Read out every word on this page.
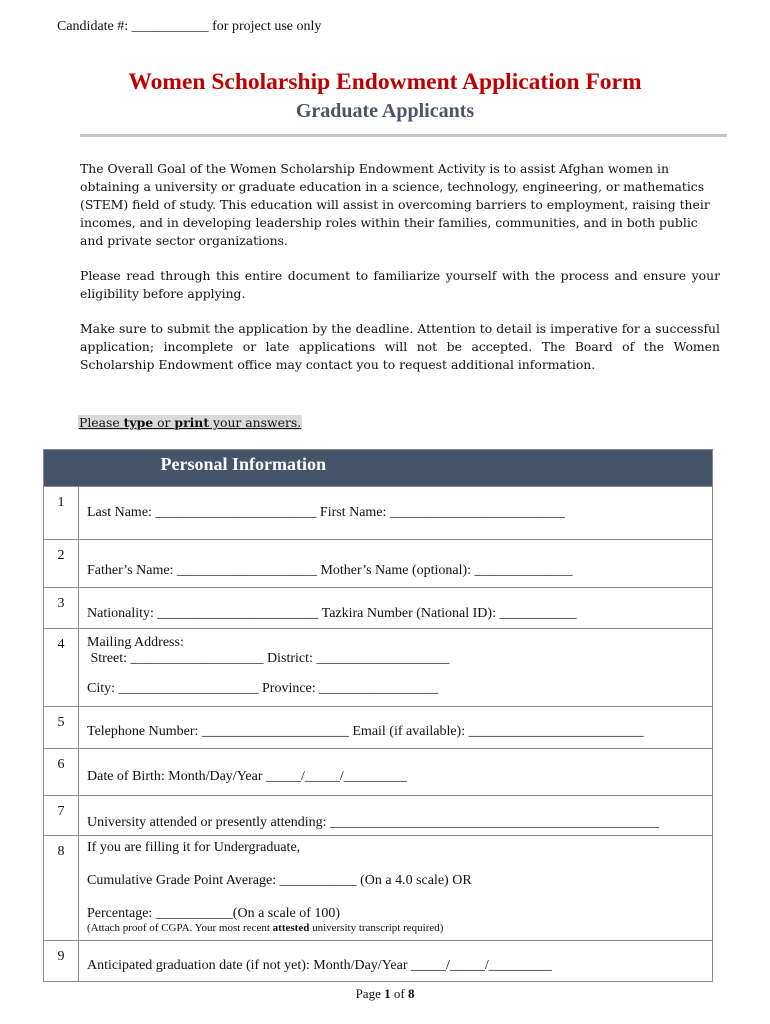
Candidate #: ___________ for project use only
Women Scholarship Endowment Application Form
Graduate Applicants
The Overall Goal of the Women Scholarship Endowment Activity is to assist Afghan women in obtaining a university or graduate education in a science, technology, engineering, or mathematics (STEM) field of study. This education will assist in overcoming barriers to employment, raising their incomes, and in developing leadership roles within their families, communities, and in both public and private sector organizations.
Please read through this entire document to familiarize yourself with the process and ensure your eligibility before applying.
Make sure to submit the application by the deadline. Attention to detail is imperative for a successful application; incomplete or late applications will not be accepted. The Board of the Women Scholarship Endowment office may contact you to request additional information.
Please type or print your answers.
	Personal Information
1	Last Name: _______________________ First Name: _________________________

2	Father’s Name: ____________________ Mother’s Name (optional): ______________

3	Nationality: _______________________ Tazkira Number (National ID): ___________

4	Mailing Address:
Street: ___________________ District: ___________________
City: ____________________ Province: _________________

5	Telephone Number: _____________________ Email (if available): _________________________

6	Date of Birth: Month/Day/Year _____/_____/_________

7	University attended or presently attending: _______________________________________________

8	If you are filling it for Undergraduate,
Cumulative Grade Point Average: ___________ (On a 4.0 scale) OR
Percentage: ___________(On a scale of 100)
(Attach proof of CGPA. Your most recent attested university transcript required)

9	Anticipated graduation date (if not yet): Month/Day/Year _____/_____/_________
Page 1 of 8
